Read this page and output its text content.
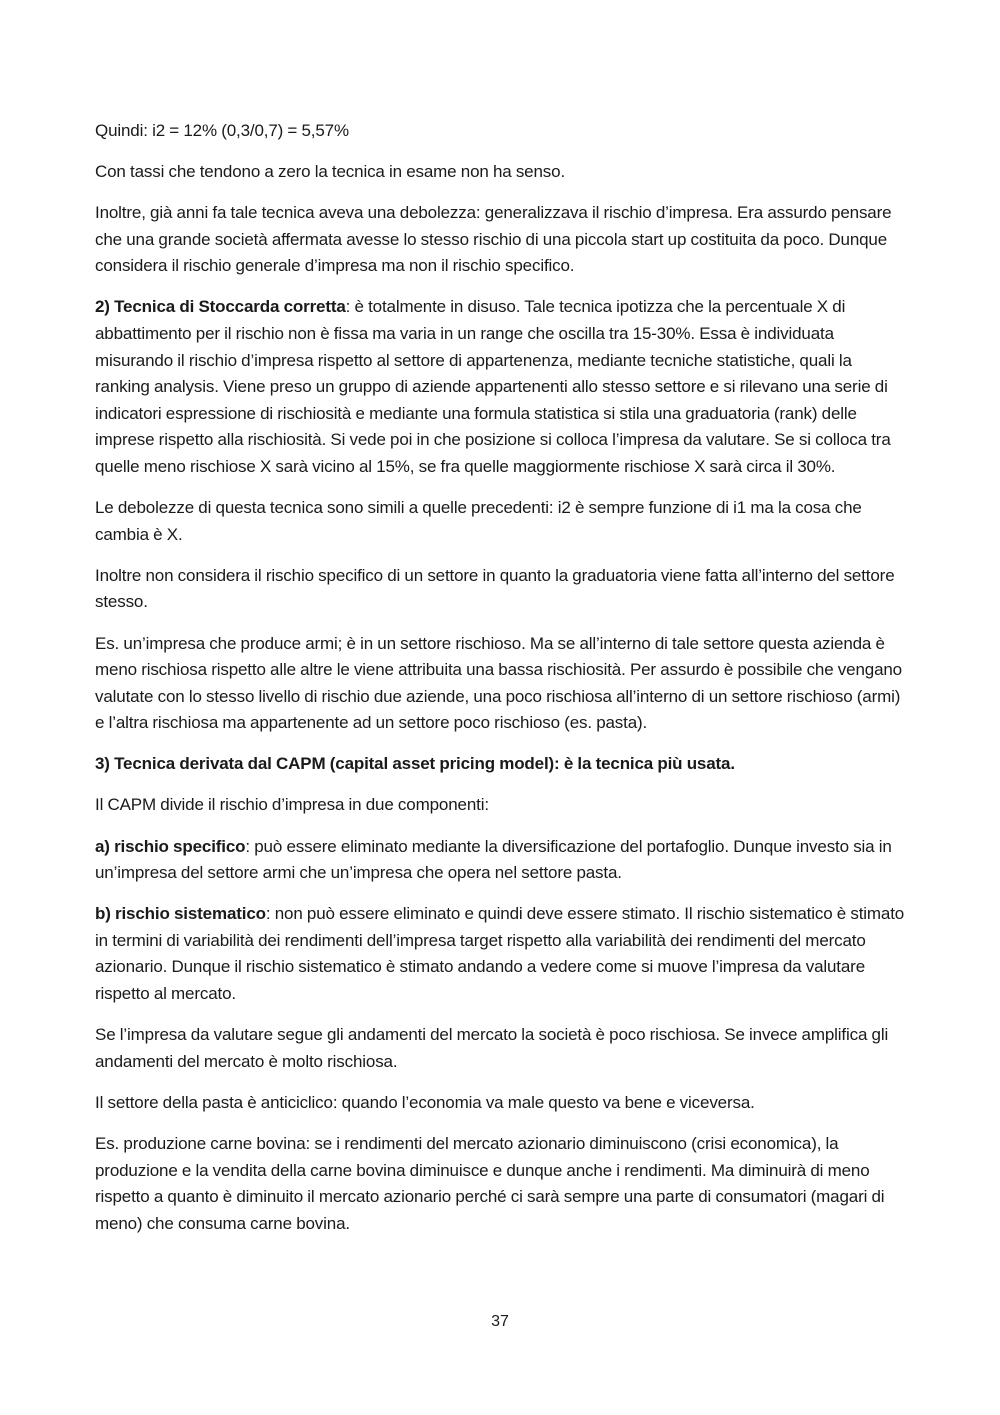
Quindi: i2 = 12% (0,3/0,7) = 5,57%

Con tassi che tendono a zero la tecnica in esame non ha senso.

Inoltre, già anni fa tale tecnica aveva una debolezza: generalizzava il rischio d’impresa. Era assurdo pensare che una grande società affermata avesse lo stesso rischio di una piccola start up costituita da poco. Dunque considera il rischio generale d’impresa ma non il rischio specifico.

2) Tecnica di Stoccarda corretta: è totalmente in disuso. Tale tecnica ipotizza che la percentuale X di abbattimento per il rischio non è fissa ma varia in un range che oscilla tra 15-30%. Essa è individuata misurando il rischio d’impresa rispetto al settore di appartenenza, mediante tecniche statistiche, quali la ranking analysis. Viene preso un gruppo di aziende appartenenti allo stesso settore e si rilevano una serie di indicatori espressione di rischiosità e mediante una formula statistica si stila una graduatoria (rank) delle imprese rispetto alla rischiosità. Si vede poi in che posizione si colloca l’impresa da valutare. Se si colloca tra quelle meno rischiose X sarà vicino al 15%, se fra quelle maggiormente rischiose X sarà circa il 30%.

Le debolezze di questa tecnica sono simili a quelle precedenti: i2 è sempre funzione di i1 ma la cosa che cambia è X.

Inoltre non considera il rischio specifico di un settore in quanto la graduatoria viene fatta all’interno del settore stesso.

Es. un’impresa che produce armi; è in un settore rischioso. Ma se all’interno di tale settore questa azienda è meno rischiosa rispetto alle altre le viene attribuita una bassa rischiosità. Per assurdo è possibile che vengano valutate con lo stesso livello di rischio due aziende, una poco rischiosa all’interno di un settore rischioso (armi) e l’altra rischiosa ma appartenente ad un settore poco rischioso (es. pasta).

3) Tecnica derivata dal CAPM (capital asset pricing model): è la tecnica più usata.

Il CAPM divide il rischio d’impresa in due componenti:

a) rischio specifico: può essere eliminato mediante la diversificazione del portafoglio. Dunque investo sia in un’impresa del settore armi che un’impresa che opera nel settore pasta.

b) rischio sistematico: non può essere eliminato e quindi deve essere stimato. Il rischio sistematico è stimato in termini di variabilità dei rendimenti dell’impresa target rispetto alla variabilità dei rendimenti del mercato azionario. Dunque il rischio sistematico è stimato andando a vedere come si muove l’impresa da valutare rispetto al mercato.

Se l’impresa da valutare segue gli andamenti del mercato la società è poco rischiosa. Se invece amplifica gli andamenti del mercato è molto rischiosa.

Il settore della pasta è anticiclico: quando l’economia va male questo va bene e viceversa.

Es. produzione carne bovina: se i rendimenti del mercato azionario diminuiscono (crisi economica), la produzione e la vendita della carne bovina diminuisce e dunque anche i rendimenti. Ma diminuirà di meno rispetto a quanto è diminuito il mercato azionario perché ci sarà sempre una parte di consumatori (magari di meno) che consuma carne bovina.

37
